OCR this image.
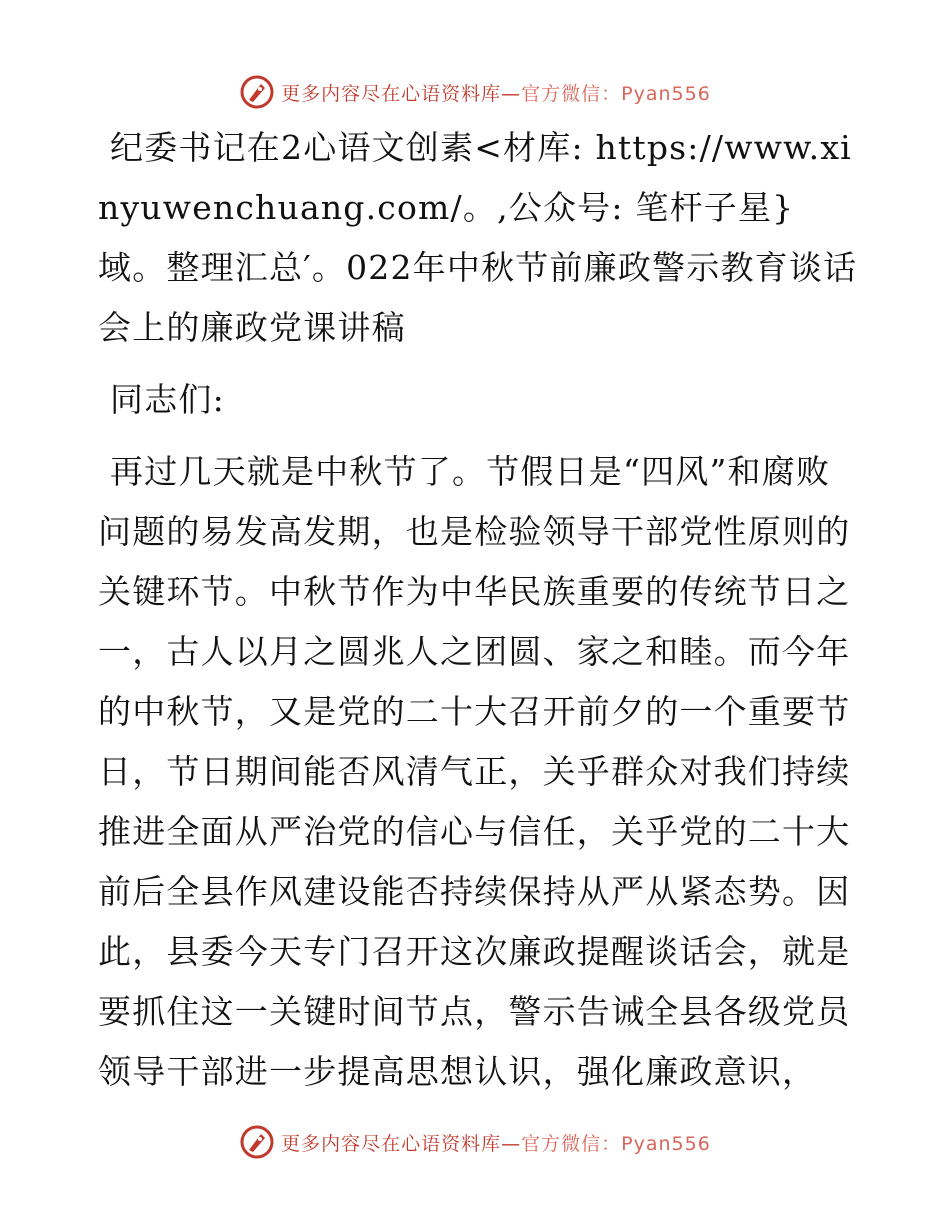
更多内容尽在心语资料库—官方微信：Pyan556

纪委书记在2心语文创素<材库: https://www.xinyuwenchuang.com/。,公众号: 笔杆子星}域。整理汇总′。022年中秋节前廉政警示教育谈话会上的廉政党课讲稿

同志们:

再过几天就是中秋节了。节假日是“四风”和腐败问题的易发高发期，也是检验领导干部党性原则的关键环节。中秋节作为中华民族重要的传统节日之一，古人以月之圆兆人之团圆、家之和睦。而今年的中秋节，又是党的二十大召开前夕的一个重要节日，节日期间能否风清气正，关乎群众对我们持续推进全面从严治党的信心与信任，关乎党的二十大前后全县作风建设能否持续保持从严从紧态势。因此，县委今天专门召开这次廉政提醒谈话会，就是要抓住这一关键时间节点，警示告诫全县各级党员领导干部进一步提高思想认识，强化廉政意识，

更多内容尽在心语资料库—官方微信：Pyan556
